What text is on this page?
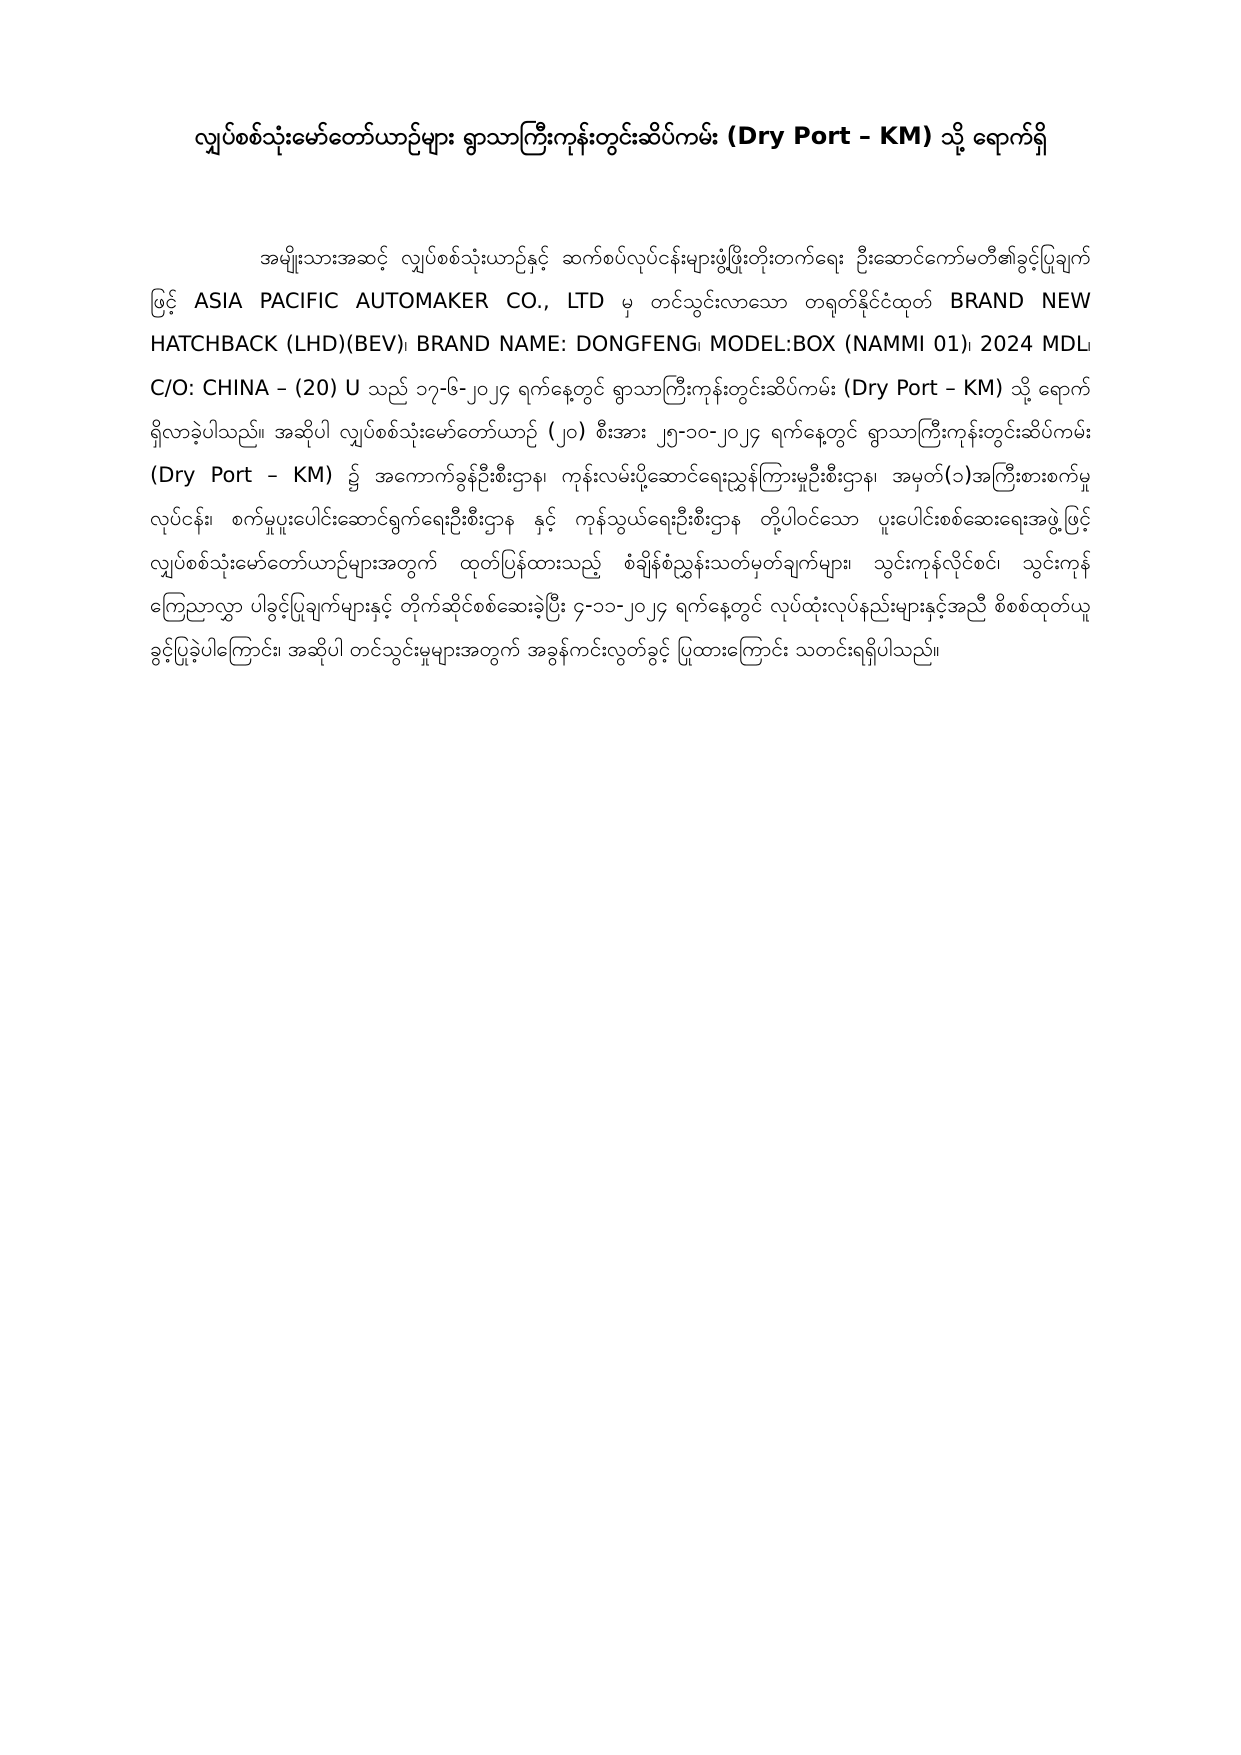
လျှပ်စစ်သုံးမော်တော်ယာဉ်များ ရွာသာကြီးကုန်းတွင်းဆိပ်ကမ်း (Dry Port – KM) သို့ ရောက်ရှိ

အမျိုးသားအဆင့် လျှပ်စစ်သုံးယာဉ်နှင့် ဆက်စပ်လုပ်ငန်းများဖွံ့ဖြိုးတိုးတက်ရေး ဦးဆောင်ကော်မတီ၏ခွင့်ပြုချက်ဖြင့် ASIA PACIFIC AUTOMAKER CO., LTD မှ တင်သွင်းလာသော တရုတ်နိုင်ငံထုတ် BRAND NEW HATCHBACK (LHD)(BEV)၊ BRAND NAME: DONGFENG၊ MODEL:BOX (NAMMI 01)၊ 2024 MDL၊ C/O: CHINA – (20) U သည် ၁၇-၆-၂၀၂၄ ရက်နေ့တွင် ရွာသာကြီးကုန်းတွင်းဆိပ်ကမ်း (Dry Port – KM) သို့ ရောက်ရှိလာခဲ့ပါသည်။ အဆိုပါ လျှပ်စစ်သုံးမော်တော်ယာဉ် (၂၀) စီးအား ၂၅-၁၀-၂၀၂၄ ရက်နေ့တွင် ရွာသာကြီးကုန်းတွင်းဆိပ်ကမ်း (Dry Port – KM) ၌ အကောက်ခွန်ဦးစီးဌာန၊ ကုန်းလမ်းပို့ဆောင်ရေးညွှန်ကြားမှုဦးစီးဌာန၊ အမှတ်(၁)အကြီးစားစက်မှုလုပ်ငန်း၊ စက်မှုပူးပေါင်းဆောင်ရွက်ရေးဦးစီးဌာန နှင့် ကုန်သွယ်ရေးဦးစီးဌာန တို့ပါဝင်သော ပူးပေါင်းစစ်ဆေးရေးအဖွဲ့ဖြင့် လျှပ်စစ်သုံးမော်တော်ယာဉ်များအတွက် ထုတ်ပြန်ထားသည့် စံချိန်စံညွှန်းသတ်မှတ်ချက်များ၊ သွင်းကုန်လိုင်စင်၊ သွင်းကုန်ကြေညာလွှာ ပါခွင့်ပြုချက်များနှင့် တိုက်ဆိုင်စစ်ဆေးခဲ့ပြီး ၄-၁၁-၂၀၂၄ ရက်နေ့တွင် လုပ်ထုံးလုပ်နည်းများနှင့်အညီ စိစစ်ထုတ်ယူခွင့်ပြုခဲ့ပါကြောင်း၊ အဆိုပါ တင်သွင်းမှုများအတွက် အခွန်ကင်းလွတ်ခွင့် ပြုထားကြောင်း သတင်းရရှိပါသည်။
